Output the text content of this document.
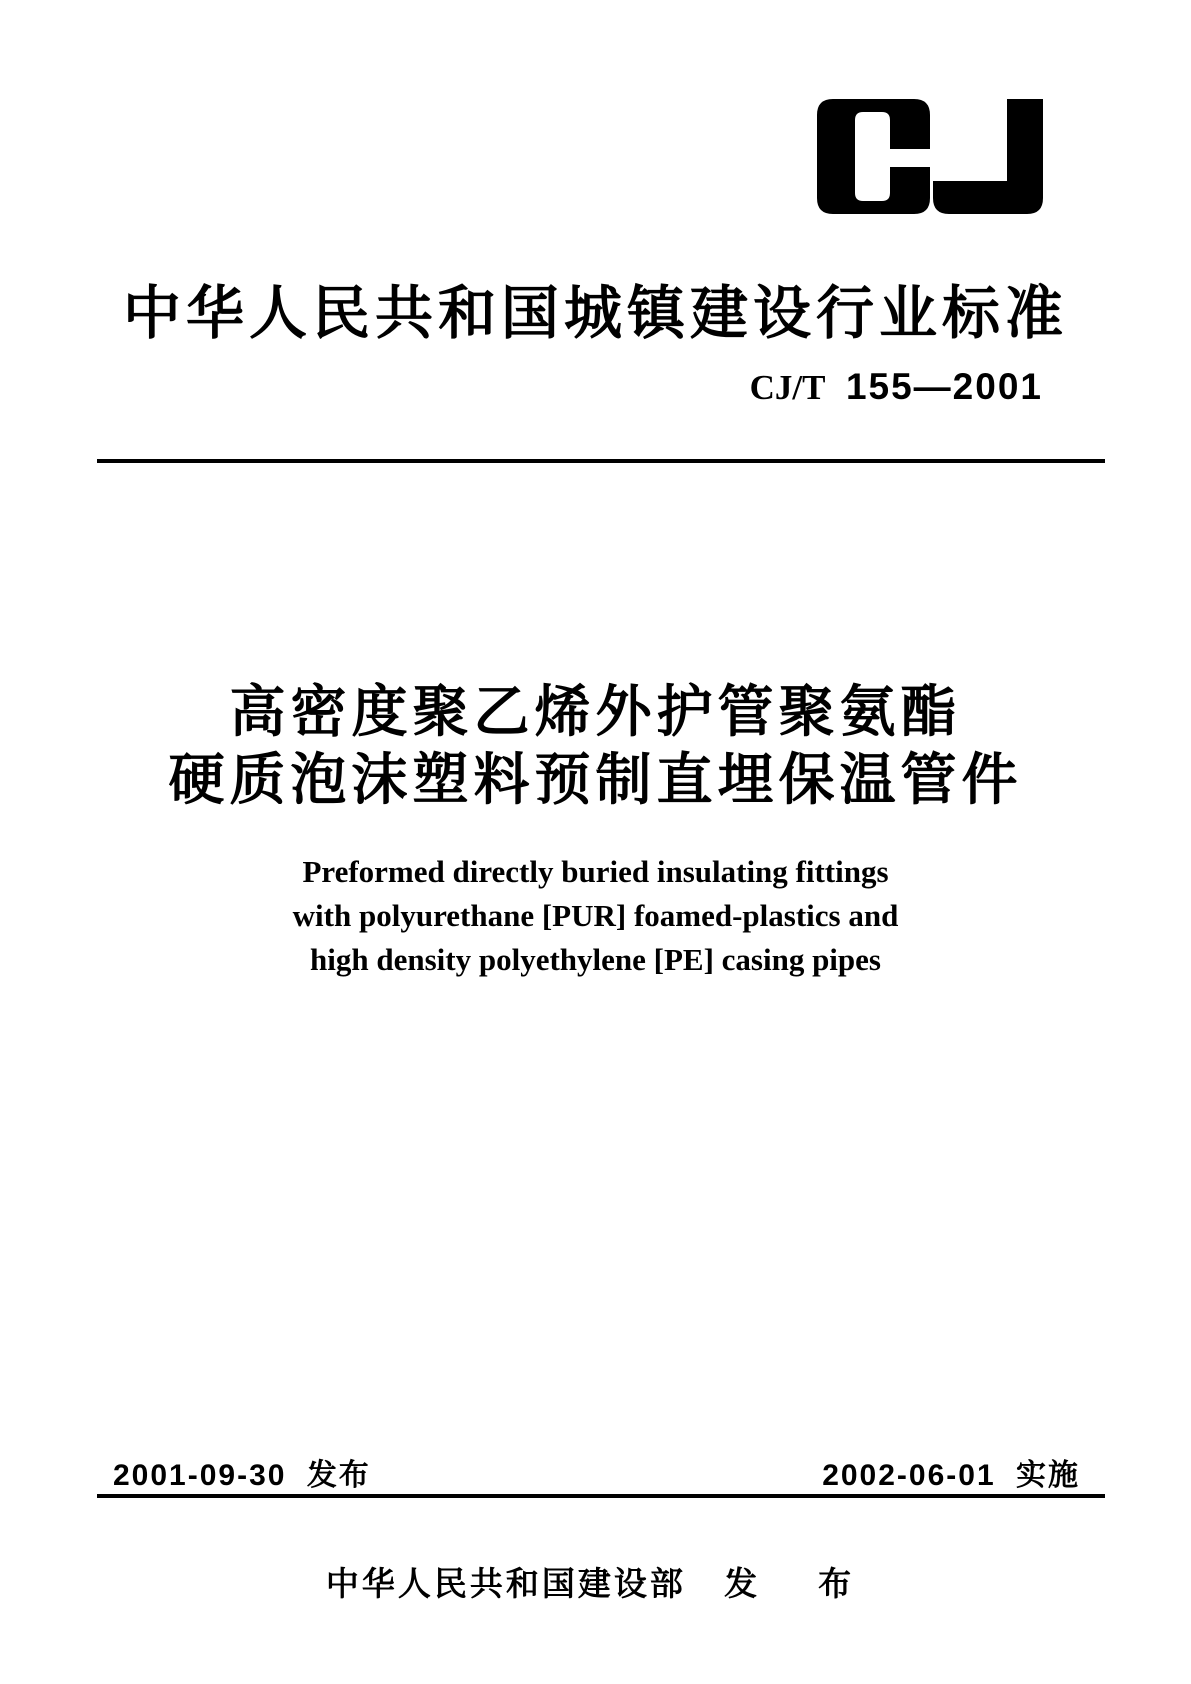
中华人民共和国城镇建设行业标准
CJ/T 155—2001
高密度聚乙烯外护管聚氨酯
硬质泡沫塑料预制直埋保温管件
Preformed directly buried insulating fittings
with polyurethane [PUR] foamed-plastics and
high density polyethylene [PE] casing pipes
2001-09-30 发布	2002-06-01 实施
中华人民共和国建设部 发　布
